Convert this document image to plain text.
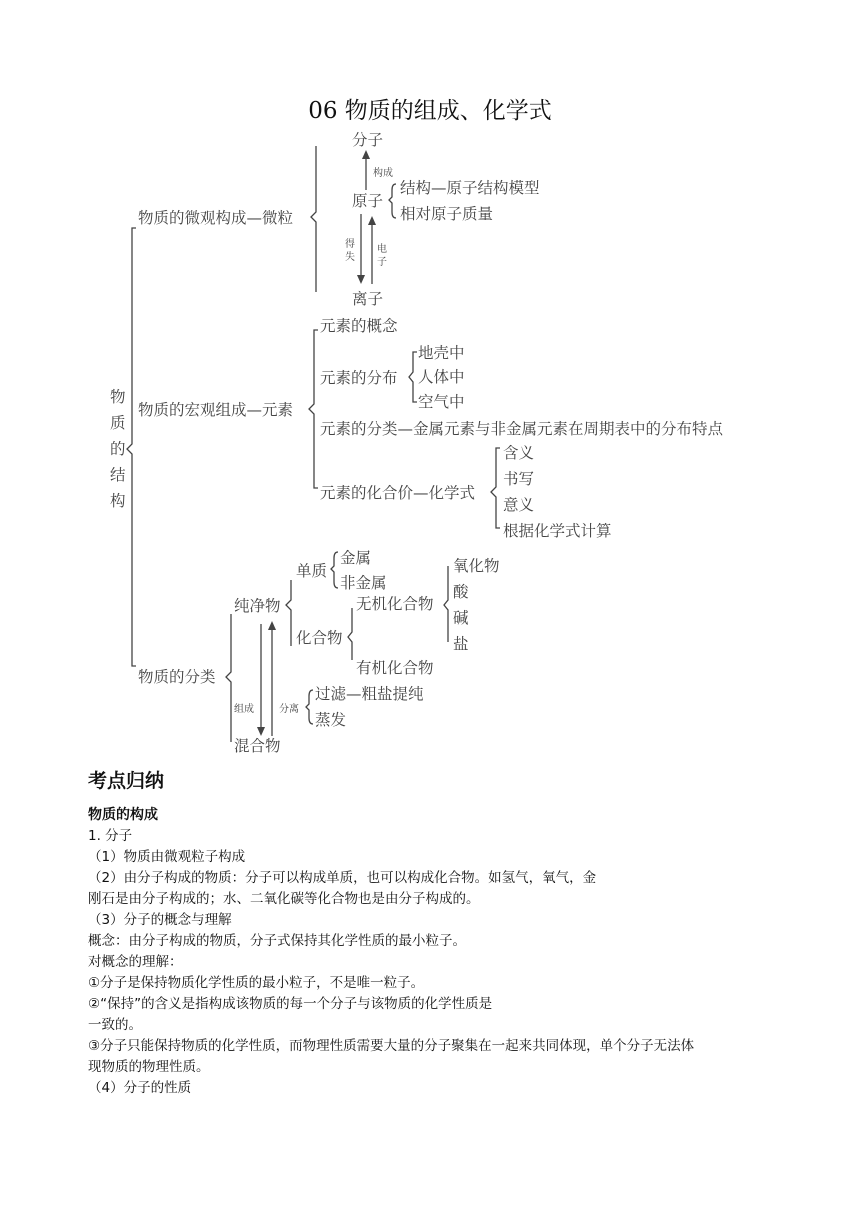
06 物质的组成、化学式
物
质
的
结
构
物质的微观构成—微粒
分子
原子
离子
构成
得
失
电
子
结构—原子结构模型
相对原子质量
物质的宏观组成—元素
元素的概念
元素的分布
地壳中
人体中
空气中
元素的分类—金属元素与非金属元素在周期表中的分布特点
元素的化合价—化学式
含义
书写
意义
根据化学式计算
物质的分类
纯净物
单质
金属
非金属
化合物
无机化合物
氧化物
酸
碱
盐
有机化合物
混合物
组成	分离
过滤—粗盐提纯
蒸发
考点归纳
物质的构成
1. 分子
（1）物质由微观粒子构成
（2）由分子构成的物质：分子可以构成单质，也可以构成化合物。如氢气，氧气，金
刚石是由分子构成的；水、二氧化碳等化合物也是由分子构成的。
（3）分子的概念与理解
概念：由分子构成的物质，分子式保持其化学性质的最小粒子。
对概念的理解：
①分子是保持物质化学性质的最小粒子，不是唯一粒子。
②“保持”的含义是指构成该物质的每一个分子与该物质的化学性质是
一致的。
③分子只能保持物质的化学性质，而物理性质需要大量的分子聚集在一起来共同体现，单个分子无法体
现物质的物理性质。
（4）分子的性质
